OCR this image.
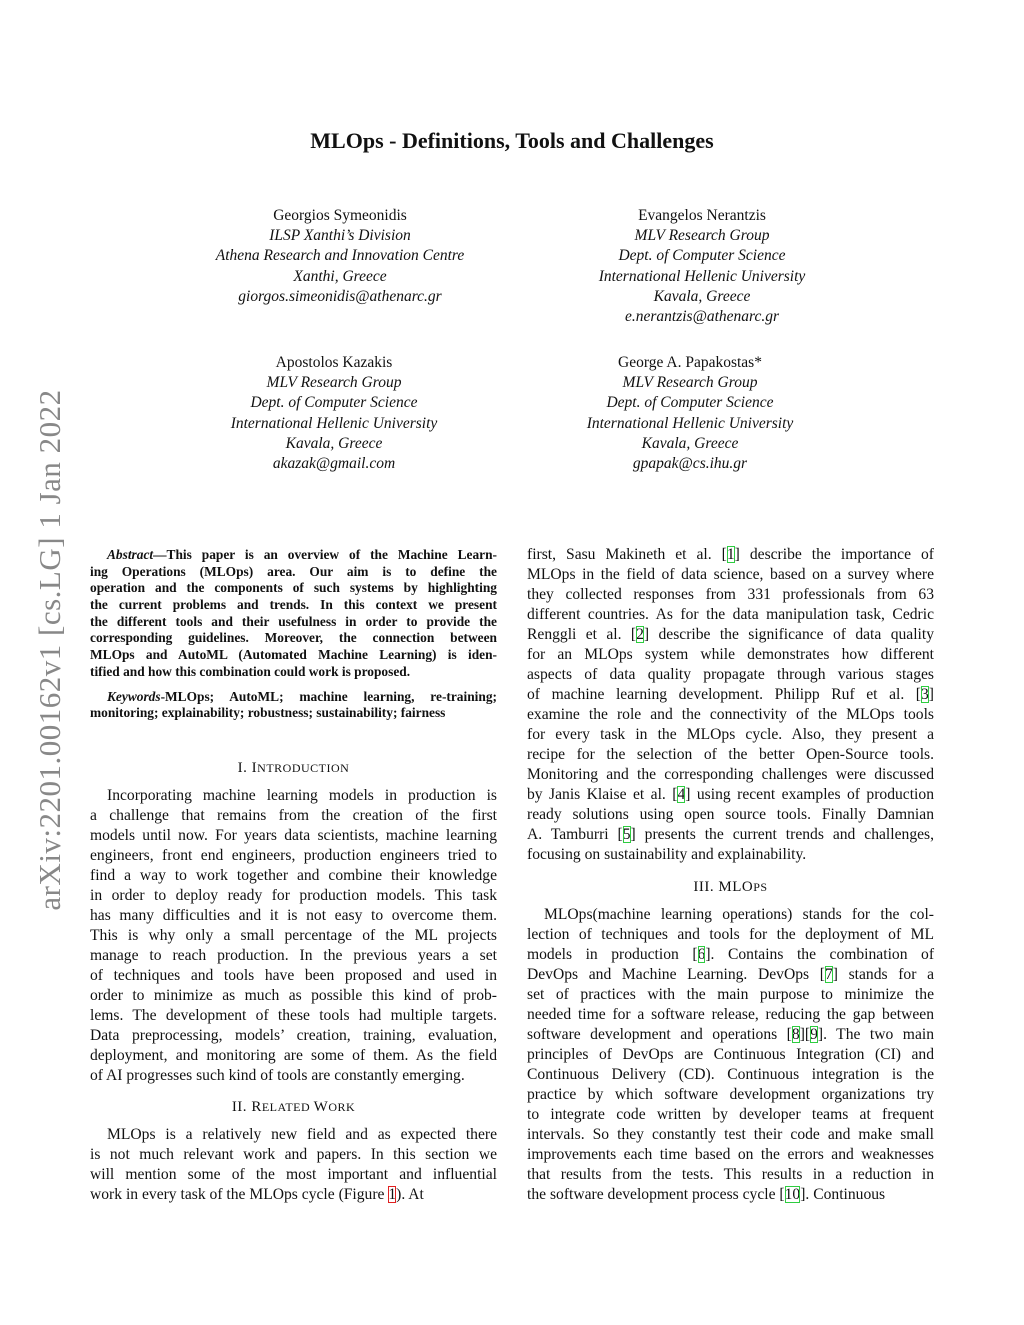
arXiv:2201.00162v1 [cs.LG] 1 Jan 2022
MLOps - Definitions, Tools and Challenges
Georgios Symeonidis
ILSP Xanthi’s Division
Athena Research and Innovation Centre
Xanthi, Greece
giorgos.simeonidis@athenarc.gr
Evangelos Nerantzis
MLV Research Group
Dept. of Computer Science
International Hellenic University
Kavala, Greece
e.nerantzis@athenarc.gr
Apostolos Kazakis
MLV Research Group
Dept. of Computer Science
International Hellenic University
Kavala, Greece
akazak@gmail.com
George A. Papakostas*
MLV Research Group
Dept. of Computer Science
International Hellenic University
Kavala, Greece
gpapak@cs.ihu.gr
Abstract—This paper is an overview of the Machine Learn-
ing Operations (MLOps) area. Our aim is to define the
operation and the components of such systems by highlighting
the current problems and trends. In this context we present
the different tools and their usefulness in order to provide the
corresponding guidelines. Moreover, the connection between
MLOps and AutoML (Automated Machine Learning) is iden-
tified and how this combination could work is proposed.
Keywords-MLOps; AutoML; machine learning, re-training;
monitoring; explainability; robustness; sustainability; fairness
I. INTRODUCTION
Incorporating machine learning models in production is
a challenge that remains from the creation of the first
models until now. For years data scientists, machine learning
engineers, front end engineers, production engineers tried to
find a way to work together and combine their knowledge
in order to deploy ready for production models. This task
has many difficulties and it is not easy to overcome them.
This is why only a small percentage of the ML projects
manage to reach production. In the previous years a set
of techniques and tools have been proposed and used in
order to minimize as much as possible this kind of prob-
lems. The development of these tools had multiple targets.
Data preprocessing, models’ creation, training, evaluation,
deployment, and monitoring are some of them. As the field
of AI progresses such kind of tools are constantly emerging.
II. RELATED WORK
MLOps is a relatively new field and as expected there
is not much relevant work and papers. In this section we
will mention some of the most important and influential
work in every task of the MLOps cycle (Figure 1). At
first, Sasu Makineth et al. [1] describe the importance of
MLOps in the field of data science, based on a survey where
they collected responses from 331 professionals from 63
different countries. As for the data manipulation task, Cedric
Renggli et al. [2] describe the significance of data quality
for an MLOps system while demonstrates how different
aspects of data quality propagate through various stages
of machine learning development. Philipp Ruf et al. [3]
examine the role and the connectivity of the MLOps tools
for every task in the MLOps cycle. Also, they present a
recipe for the selection of the better Open-Source tools.
Monitoring and the corresponding challenges were discussed
by Janis Klaise et al. [4] using recent examples of production
ready solutions using open source tools. Finally Damnian
A. Tamburri [5] presents the current trends and challenges,
focusing on sustainability and explainability.
III. MLOPS
MLOps(machine learning operations) stands for the col-
lection of techniques and tools for the deployment of ML
models in production [6]. Contains the combination of
DevOps and Machine Learning. DevOps [7] stands for a
set of practices with the main purpose to minimize the
needed time for a software release, reducing the gap between
software development and operations [8][9]. The two main
principles of DevOps are Continuous Integration (CI) and
Continuous Delivery (CD). Continuous integration is the
practice by which software development organizations try
to integrate code written by developer teams at frequent
intervals. So they constantly test their code and make small
improvements each time based on the errors and weaknesses
that results from the tests. This results in a reduction in
the software development process cycle [10]. Continuous
